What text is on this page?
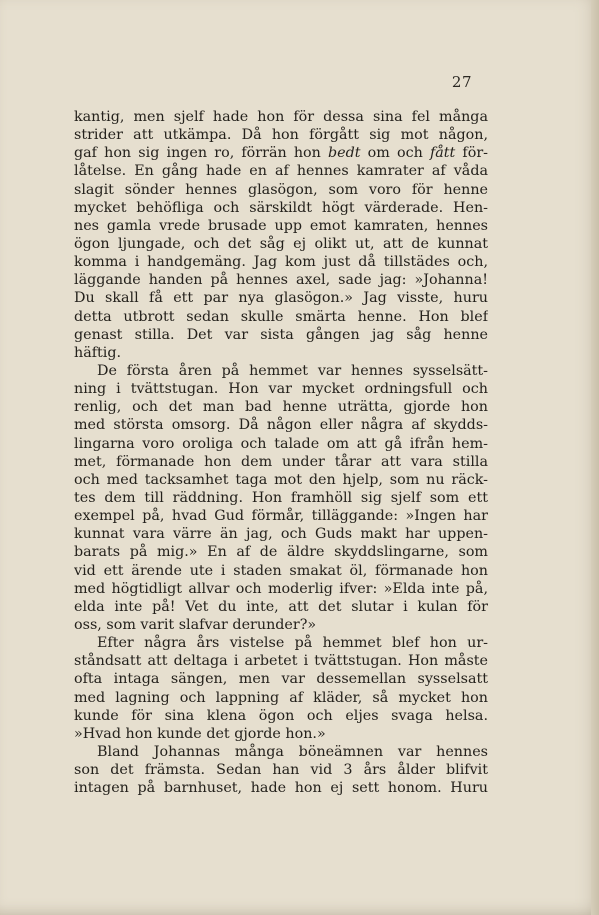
27
kantig, men sjelf hade hon för dessa sina fel många
strider att utkämpa. Då hon förgått sig mot någon,
gaf hon sig ingen ro, förrän hon bedt om och fått för-
låtelse. En gång hade en af hennes kamrater af våda
slagit sönder hennes glasögon, som voro för henne
mycket behöfliga och särskildt högt värderade. Hen-
nes gamla vrede brusade upp emot kamraten, hennes
ögon ljungade, och det såg ej olikt ut, att de kunnat
komma i handgemäng. Jag kom just då tillstädes och,
läggande handen på hennes axel, sade jag: »Johanna!
Du skall få ett par nya glasögon.» Jag visste, huru
detta utbrott sedan skulle smärta henne. Hon blef
genast stilla. Det var sista gången jag såg henne
häftig.
De första åren på hemmet var hennes sysselsätt-
ning i tvättstugan. Hon var mycket ordningsfull och
renlig, och det man bad henne uträtta, gjorde hon
med största omsorg. Då någon eller några af skydds-
lingarna voro oroliga och talade om att gå ifrån hem-
met, förmanade hon dem under tårar att vara stilla
och med tacksamhet taga mot den hjelp, som nu räck-
tes dem till räddning. Hon framhöll sig sjelf som ett
exempel på, hvad Gud förmår, tilläggande: »Ingen har
kunnat vara värre än jag, och Guds makt har uppen-
barats på mig.» En af de äldre skyddslingarne, som
vid ett ärende ute i staden smakat öl, förmanade hon
med högtidligt allvar och moderlig ifver: »Elda inte på,
elda inte på! Vet du inte, att det slutar i kulan för
oss, som varit slafvar derunder?»
Efter några års vistelse på hemmet blef hon ur-
ståndsatt att deltaga i arbetet i tvättstugan. Hon måste
ofta intaga sängen, men var dessemellan sysselsatt
med lagning och lappning af kläder, så mycket hon
kunde för sina klena ögon och eljes svaga helsa.
»Hvad hon kunde det gjorde hon.»
Bland Johannas många böneämnen var hennes
son det främsta. Sedan han vid 3 års ålder blifvit
intagen på barnhuset, hade hon ej sett honom. Huru
